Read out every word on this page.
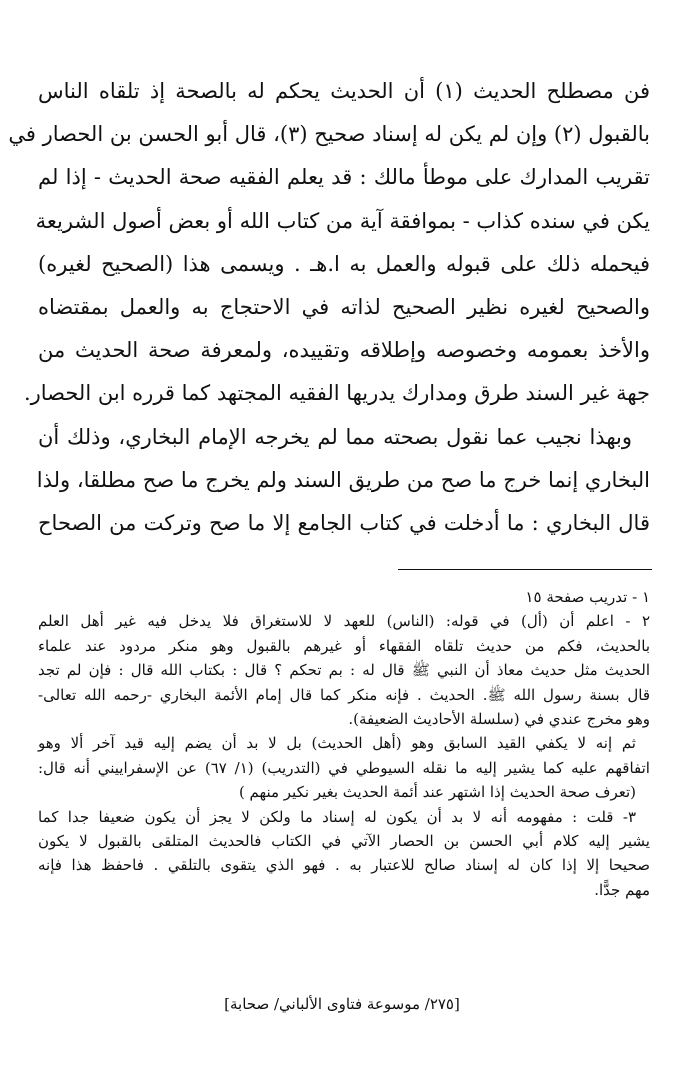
فن مصطلح الحديث (١) أن الحديث يحكم له بالصحة إذ تلقاه الناس
بالقبول (٢) وإن لم يكن له إسناد صحيح (٣)، قال أبو الحسن بن الحصار في
تقريب المدارك على موطأ مالك : قد يعلم الفقيه صحة الحديث - إذا لم
يكن في سنده كذاب - بموافقة آية من كتاب الله أو بعض أصول الشريعة
فيحمله ذلك على قبوله والعمل به ا.هـ . ويسمى هذا (الصحيح لغيره)
والصحيح لغيره نظير الصحيح لذاته في الاحتجاج به والعمل بمقتضاه
والأخذ بعمومه وخصوصه وإطلاقه وتقييده، ولمعرفة صحة الحديث من
جهة غير السند طرق ومدارك يدريها الفقيه المجتهد كما قرره ابن الحصار.
وبهذا نجيب عما نقول بصحته مما لم يخرجه الإمام البخاري، وذلك أن
البخاري إنما خرج ما صح من طريق السند ولم يخرج ما صح مطلقا، ولذا
قال البخاري : ما أدخلت في كتاب الجامع إلا ما صح وتركت من الصحاح
١ - تدريب صفحة ١٥
٢ - اعلم أن (أل) في قوله: (الناس) للعهد لا للاستغراق فلا يدخل فيه غير أهل العلم
بالحديث، فكم من حديث تلقاه الفقهاء أو غيرهم بالقبول وهو منكر مردود عند علماء
الحديث مثل حديث معاذ أن النبي ﷺ قال له : بم تحكم ؟ قال : بكتاب الله قال : فإن لم تجد
قال بسنة رسول الله ﷺ. الحديث . فإنه منكر كما قال إمام الأئمة البخاري -رحمه الله تعالى-
وهو مخرج عندي في (سلسلة الأحاديث الضعيفة).
ثم إنه لا يكفي القيد السابق وهو (أهل الحديث) بل لا بد أن يضم إليه قيد آخر ألا وهو
اتفاقهم عليه كما يشير إليه ما نقله السيوطي في (التدريب) (١/ ٦٧) عن الإسفراييني أنه قال:
(تعرف صحة الحديث إذا اشتهر عند أئمة الحديث بغير نكير منهم )
٣- قلت : مفهومه أنه لا بد أن يكون له إسناد ما ولكن لا يجز أن يكون ضعيفا جدا كما
يشير إليه كلام أبي الحسن بن الحصار الآتي في الكتاب فالحديث المتلقى بالقبول لا يكون
صحيحا إلا إذا كان له إسناد صالح للاعتبار به . فهو الذي يتقوى بالتلقي . فاحفظ هذا فإنه
مهم جدًّا.
[٢٧٥/ موسوعة فتاوى الألباني/ صحابة]
